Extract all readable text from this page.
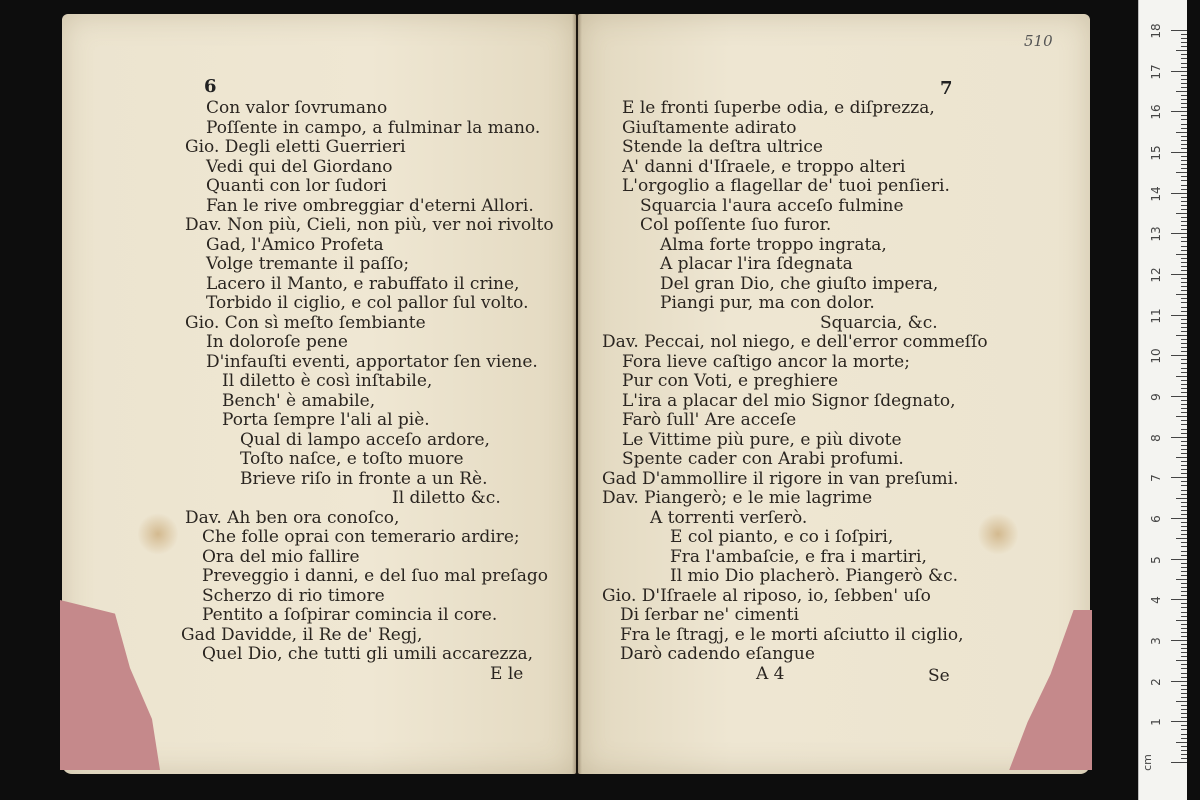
6	7
510
Con valor ſovrumano
Poſſente in campo, a fulminar la mano.
Gio. Degli eletti Guerrieri
Vedi qui del Giordano
Quanti con lor ſudori
Fan le rive ombreggiar d'eterni Allori.
Dav. Non più, Cieli, non più, ver noi rivolto
Gad, l'Amico Profeta
Volge tremante il paſſo;
Lacero il Manto, e rabuffato il crine,
Torbido il ciglio, e col pallor ſul volto.
Gio. Con sì meſto ſembiante
In doloroſe pene
D'infauſti eventi, apportator ſen viene.
Il diletto è così inſtabile,
Bench' è amabile,
Porta ſempre l'ali al piè.
Qual di lampo acceſo ardore,
Toſto naſce, e toſto muore
Brieve riſo in fronte a un Rè.
Il diletto &c.
Dav. Ah ben ora conoſco,
Che folle oprai con temerario ardire;
Ora del mio fallire
Preveggio i danni, e del ſuo mal preſago
Scherzo di rio timore
Pentito a ſoſpirar comincia il core.
Gad Davidde, il Re de' Regj,
Quel Dio, che tutti gli umili accarezza,
E le
E le fronti ſuperbe odia, e diſprezza,
Giuſtamente adirato
Stende la deſtra ultrice
A' danni d'Iſraele, e troppo alteri
L'orgoglio a flagellar de' tuoi penſieri.
Squarcia l'aura acceſo fulmine
Col poſſente ſuo furor.
Alma forte troppo ingrata,
A placar l'ira ſdegnata
Del gran Dio, che giuſto impera,
Piangi pur, ma con dolor.
Squarcia, &c.
Dav. Peccai, nol niego, e dell'error commeſſo
Fora lieve caſtigo ancor la morte;
Pur con Voti, e preghiere
L'ira a placar del mio Signor ſdegnato,
Farò ſull' Are acceſe
Le Vittime più pure, e più divote
Spente cader con Arabi profumi.
Gad D'ammollire il rigore in van preſumi.
Dav. Piangerò; e le mie lagrime
A torrenti verſerò.
E col pianto, e co i ſoſpiri,
Fra l'ambaſcie, e fra i martiri,
Il mio Dio placherò. Piangerò &c.
Gio. D'Iſraele al riposo, io, ſebben' uſo
Di ſerbar ne' cimenti
Fra le ſtragj, e le morti aſciutto il ciglio,
Darò cadendo eſangue
A 4	Se
1
2
3
4
5
6
7
8
9
10
11
12
13
14
15
16
17
18
cm
